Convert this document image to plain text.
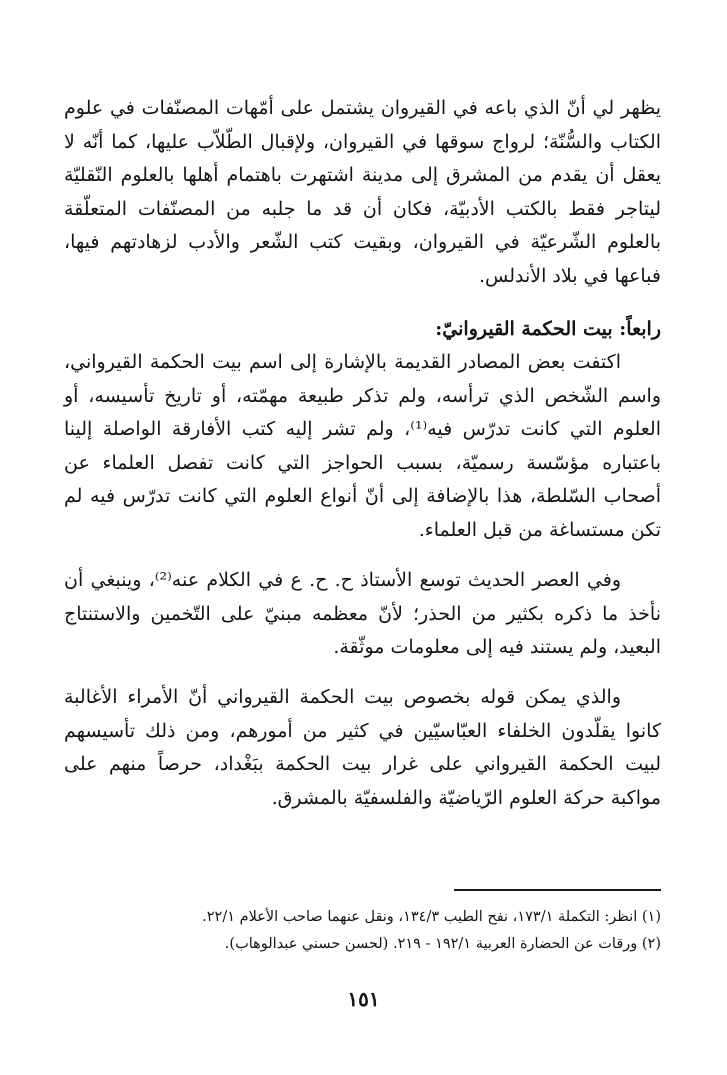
يظهر لي أنّ الذي باعه في القيروان يشتمل على أمّهات المصنّفات في علوم الكتاب والسُّنّة؛ لرواج سوقها في القيروان، ولإقبال الطّلاّب عليها، كما أنّه لا يعقل أن يقدم من المشرق إلى مدينة اشتهرت باهتمام أهلها بالعلوم النّقليّة ليتاجر فقط بالكتب الأدبيّة، فكان أن قد ما جلبه من المصنّفات المتعلّقة بالعلوم الشّرعيّة في القيروان، وبقيت كتب الشّعر والأدب لزهادتهم فيها، فباعها في بلاد الأندلس.

رابعاً: بيت الحكمة القيروانيّ:

اكتفت بعض المصادر القديمة بالإشارة إلى اسم بيت الحكمة القيرواني، واسم الشّخص الذي ترأسه، ولم تذكر طبيعة مهمّته، أو تاريخ تأسيسه، أو العلوم التي كانت تدرّس فيه⁽¹⁾، ولم تشر إليه كتب الأفارقة الواصلة إلينا باعتباره مؤسّسة رسميّة، بسبب الحواجز التي كانت تفصل العلماء عن أصحاب السّلطة، هذا بالإضافة إلى أنّ أنواع العلوم التي كانت تدرّس فيه لم تكن مستساغة من قبل العلماء.

وفي العصر الحديث توسع الأستاذ ح. ح. ع في الكلام عنه⁽²⁾، وينبغي أن نأخذ ما ذكره بكثير من الحذر؛ لأنّ معظمه مبنيّ على التّخمين والاستنتاج البعيد، ولم يستند فيه إلى معلومات موثّقة.

والذي يمكن قوله بخصوص بيت الحكمة القيرواني أنّ الأمراء الأغالبة كانوا يقلّدون الخلفاء العبّاسيّين في كثير من أمورهم، ومن ذلك تأسيسهم لبيت الحكمة القيرواني على غرار بيت الحكمة ببَغْداد، حرصاً منهم على مواكبة حركة العلوم الرّياضيّة والفلسفيّة بالمشرق.

(١) انظر: التكملة ١٧٣/١، نفح الطيب ١٣٤/٣، ونقل عنهما صاحب الأعلام ٢٢/١.

(٢) ورقات عن الحضارة العربية ١٩٢/١ - ٢١٩. (لحسن حسني عبدالوهاب).

١٥١
